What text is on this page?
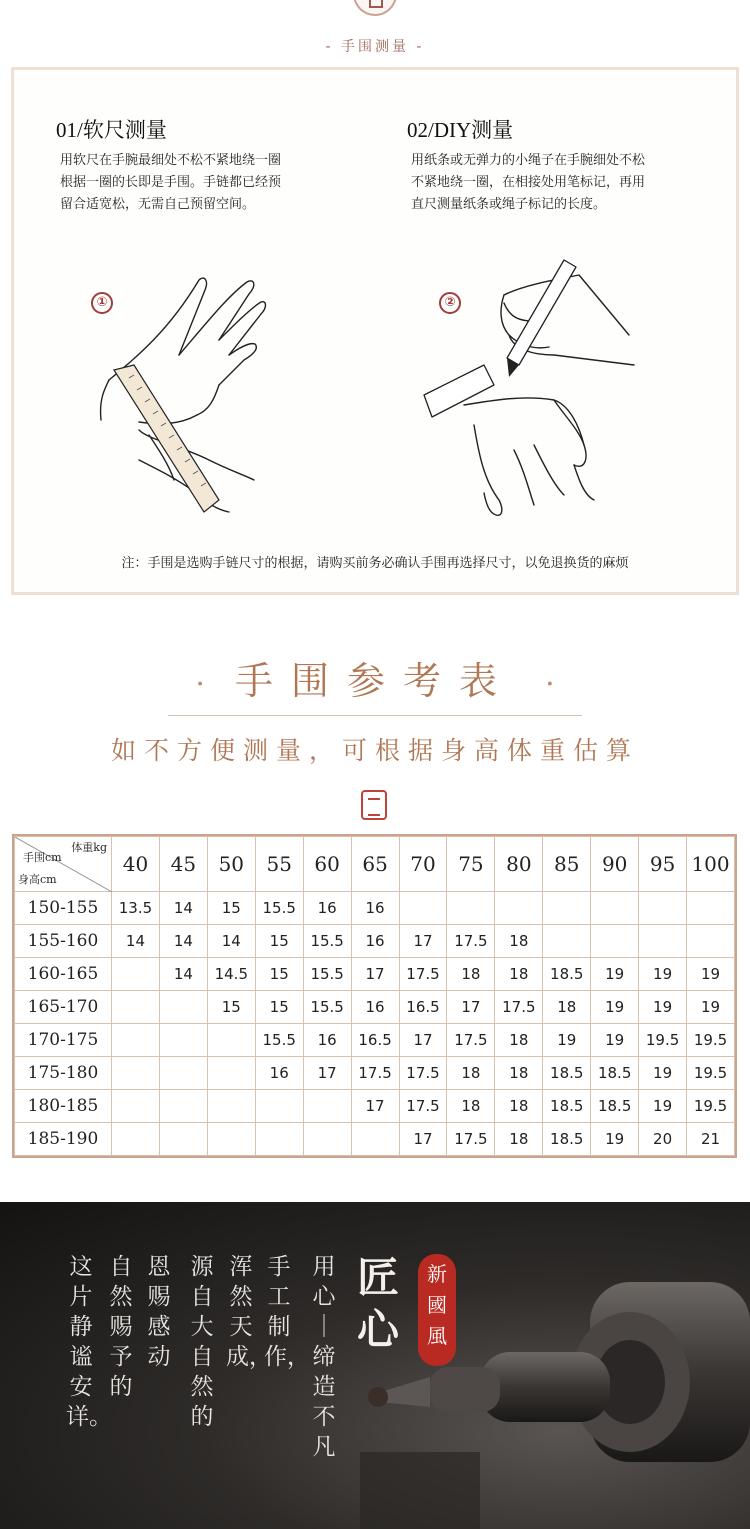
- 手围测量 -
01/软尺测量
用软尺在手腕最细处不松不紧地绕一圈
根据一圈的长即是手围。手链都已经预
留合适宽松，无需自己预留空间。
02/DIY测量
用纸条或无弹力的小绳子在手腕细处不松
不紧地绕一圈，在相接处用笔标记，再用
直尺测量纸条或绳子标记的长度。
①	②
注：手围是选购手链尺寸的根据，请购买前务必确认手围再选择尺寸，以免退换货的麻烦
· 手围参考表 ·
如不方便测量，可根据身高体重估算
体重kg
手围cm
身高cm	40	45	50	55	60	65	70	75	80	85	90	95	100
150-155	13.5	14	15	15.5	16	16							
155-160	14	14	14	15	15.5	16	17	17.5	18				
160-165		14	14.5	15	15.5	17	17.5	18	18	18.5	19	19	19
165-170			15	15	15.5	16	16.5	17	17.5	18	19	19	19
170-175				15.5	16	16.5	17	17.5	18	19	19	19.5	19.5
175-180				16	17	17.5	17.5	18	18	18.5	18.5	19	19.5
180-185						17	17.5	18	18	18.5	18.5	19	19.5
185-190							17	17.5	18	18.5	19	20	21
新
國
風
匠
心
用心｜缔造不凡
手工制作，
浑然天成，
源自大自然的
恩赐感动
自然赐予的
这片静谧安详。
